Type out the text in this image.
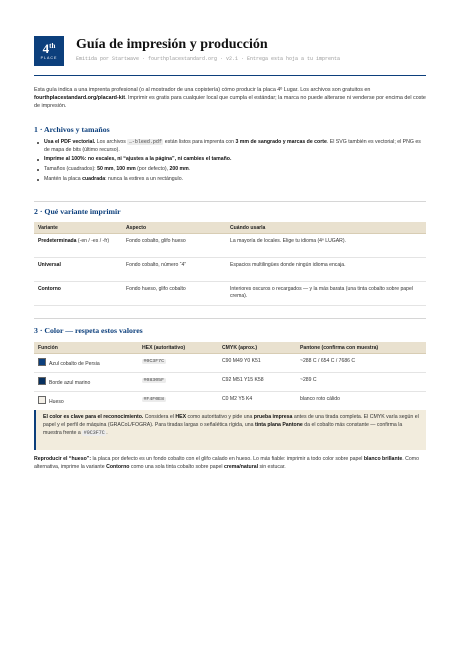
4th
PLACE
Guía de impresión y producción
Emitida por Startwave · fourthplacestandard.org · v2.1 · Entrega esta hoja a tu imprenta
Esta guía indica a una imprenta profesional (o al mostrador de una copistería) cómo producir la placa 4º Lugar. Los archivos son gratuitos en fourthplacestandard.org/placard-kit. Imprimir es gratis para cualquier local que cumpla el estándar; la marca no puede alterarse ni venderse por encima del coste de impresión.
1 · Archivos y tamaños
Usa el PDF vectorial. Los archivos …-bleed.pdf están listos para imprenta con 3 mm de sangrado y marcas de corte. El SVG también es vectorial; el PNG es de mapa de bits (último recurso).
Imprime al 100%: no escales, ni “ajustes a la página”, ni cambies el tamaño.
Tamaños (cuadrados): 50 mm, 100 mm (por defecto), 200 mm.
Mantén la placa cuadrada: nunca la estires a un rectángulo.
2 · Qué variante imprimir
Variante	Aspecto	Cuándo usarla
Predeterminada (-en / -es / -fr)	Fondo cobalto, glifo hueso	La mayoría de locales. Elige tu idioma (4º LUGAR).
Universal	Fondo cobalto, número “4”	Espacios multilingües donde ningún idioma encaja.
Contorno	Fondo hueso, glifo cobalto	Interiores oscuros o recargados — y la más barata (una tinta cobalto sobre papel crema).
3 · Color — respeta estos valores
Función	HEX (autoritativo)	CMYK (aprox.)	Pantone (confirma con muestra)
Azul cobalto de Persia	#0C3F7C	C90 M49 Y0 K51	~288 C / 654 C / 7686 C
Borde azul marino	#08305F	C92 M51 Y15 K58	~289 C
Hueso	#F4F0E8	C0 M2 Y5 K4	blanco roto cálido
El color es clave para el reconocimiento. Considera el HEX como autoritativo y pide una prueba impresa antes de una tirada completa. El CMYK varía según el papel y el perfil de máquina (GRACoL/FOGRA). Para tiradas largas o señalética rígida, una tinta plana Pantone da el cobalto más constante — confirma la muestra frente a #0C3F7C .
Reproducir el “hueso”: la placa por defecto es un fondo cobalto con el glifo calado en hueso. Lo más fiable: imprimir a todo color sobre papel blanco brillante. Como alternativa, imprime la variante Contorno como una sola tinta cobalto sobre papel crema/natural sin estucar.
